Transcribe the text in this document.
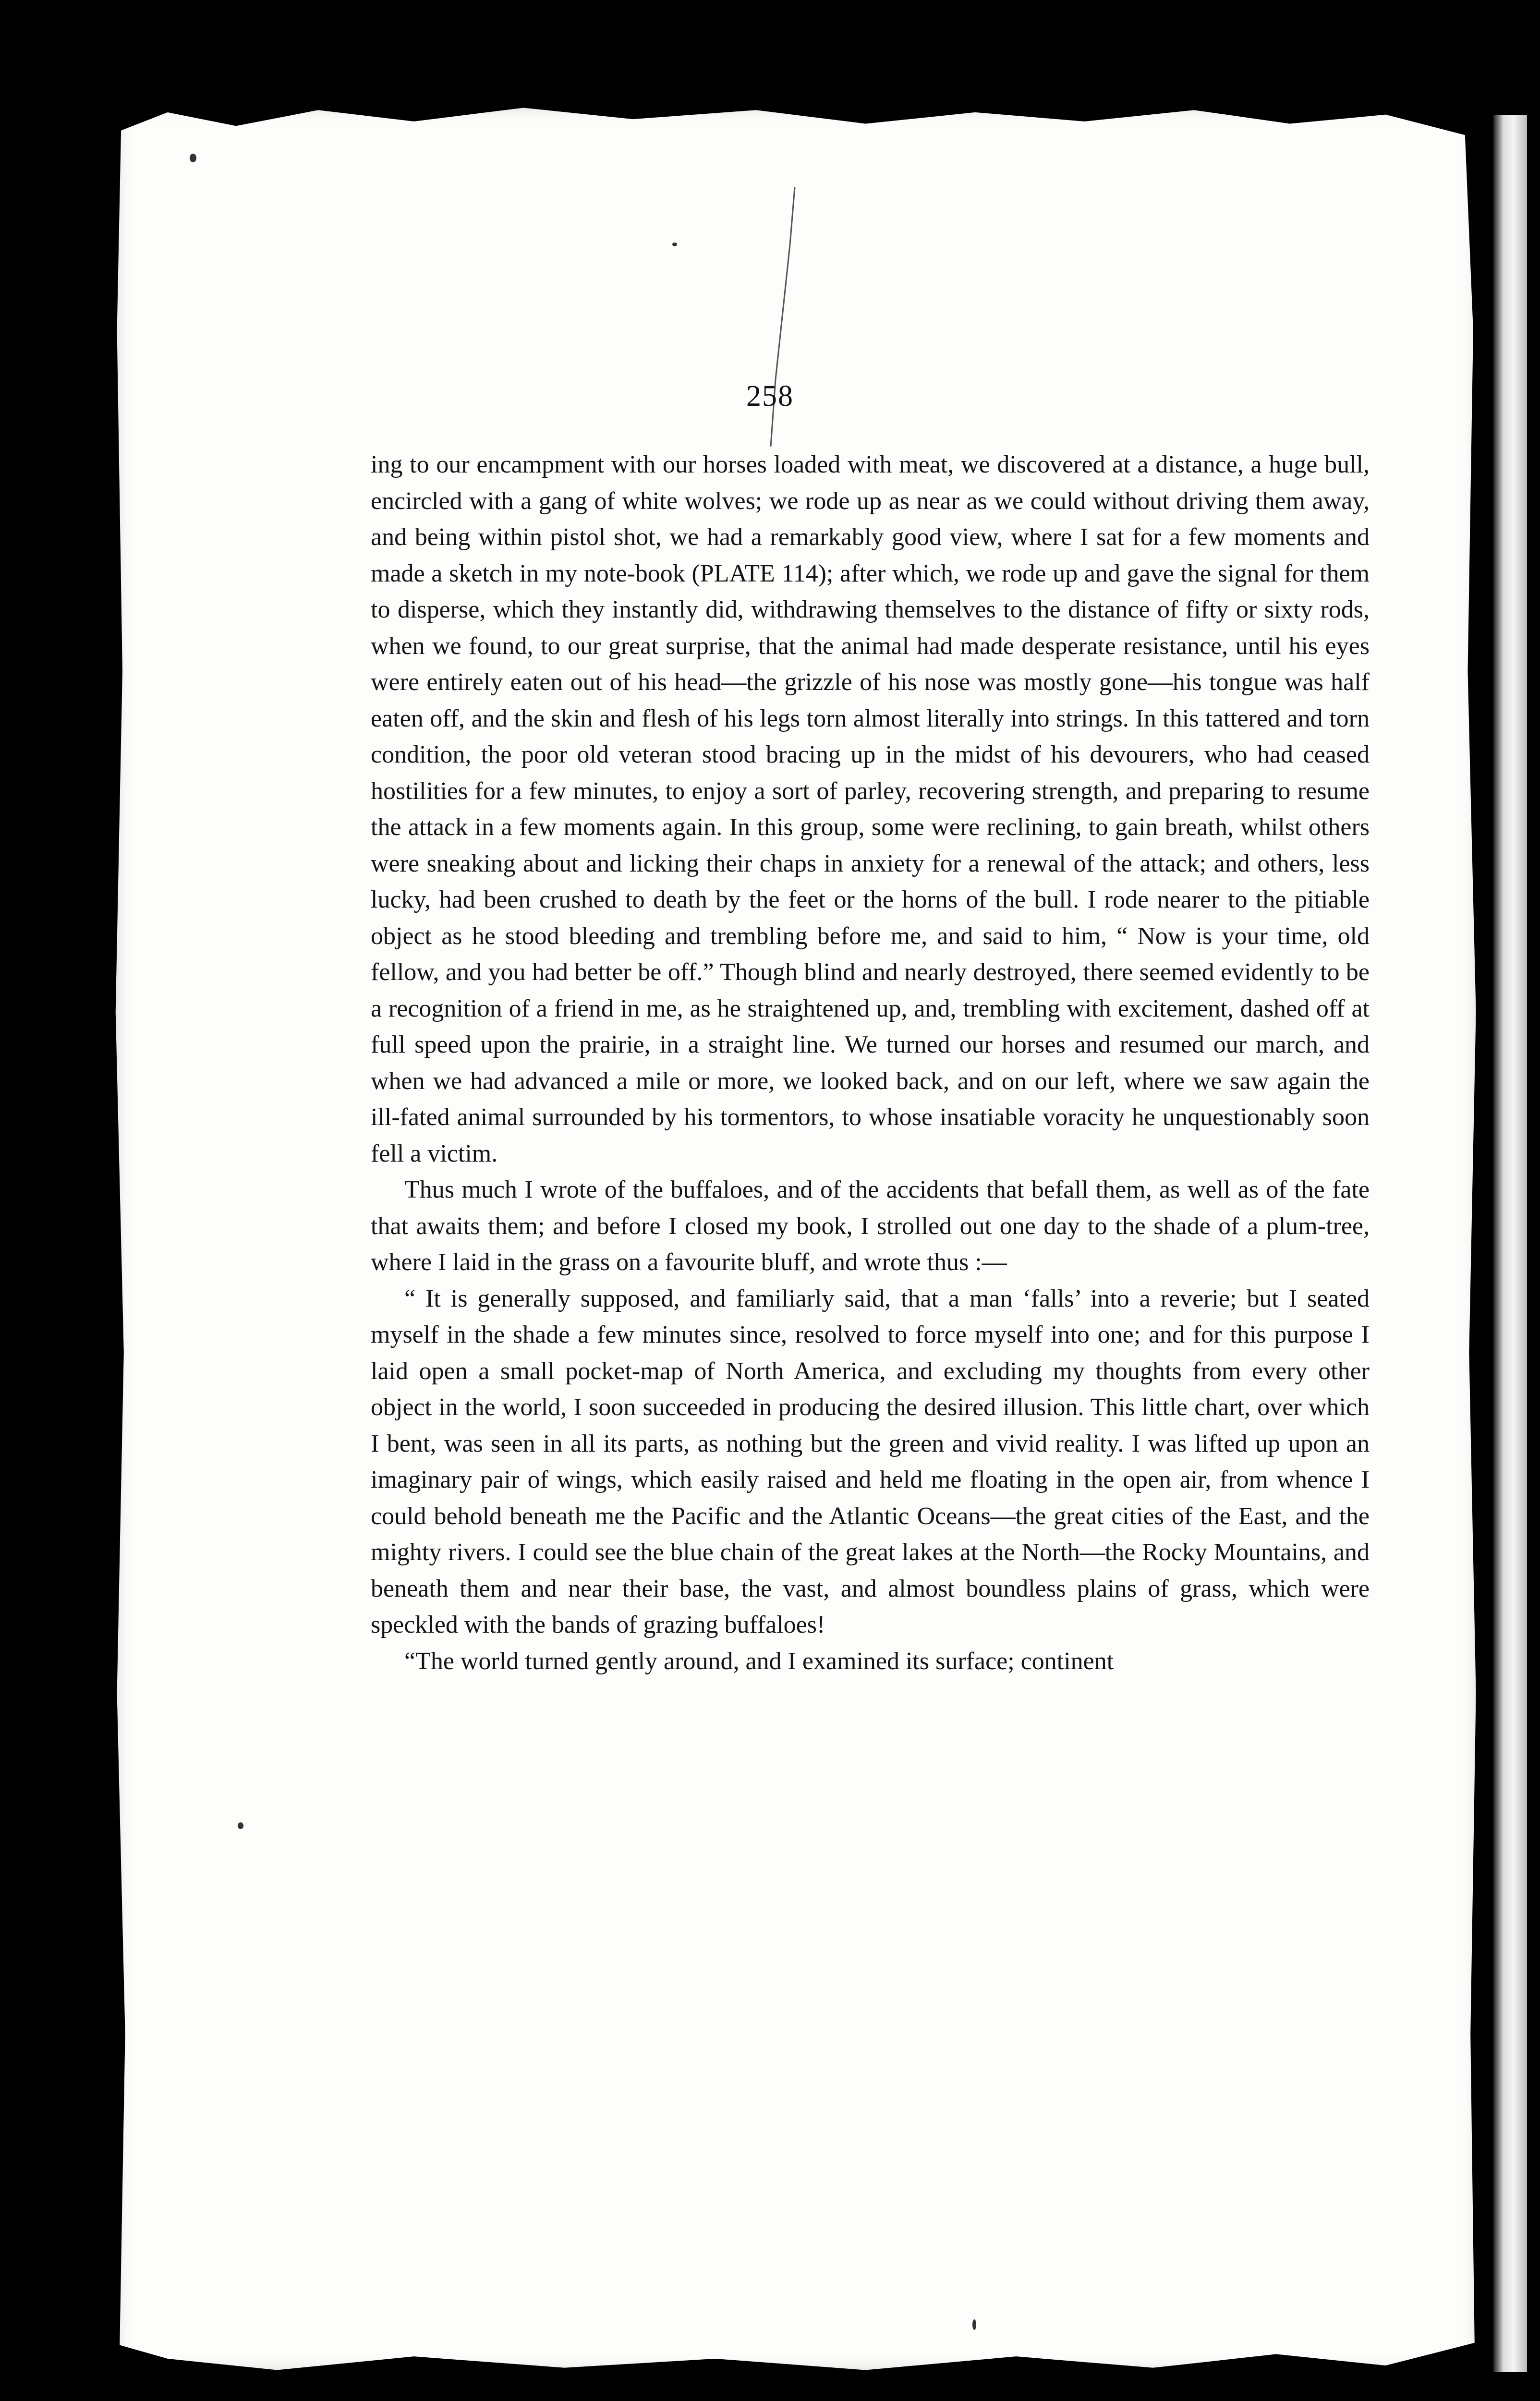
258

ing to our encampment with our horses loaded with meat, we discovered at a distance, a huge bull, encircled with a gang of white wolves; we rode up as near as we could without driving them away, and being within pistol shot, we had a remarkably good view, where I sat for a few moments and made a sketch in my note-book (PLATE 114); after which, we rode up and gave the signal for them to disperse, which they instantly did, withdrawing themselves to the distance of fifty or sixty rods, when we found, to our great surprise, that the animal had made desperate resistance, until his eyes were entirely eaten out of his head—the grizzle of his nose was mostly gone—his tongue was half eaten off, and the skin and flesh of his legs torn almost literally into strings. In this tattered and torn condition, the poor old veteran stood bracing up in the midst of his devourers, who had ceased hostilities for a few minutes, to enjoy a sort of parley, recovering strength, and preparing to resume the attack in a few moments again. In this group, some were reclining, to gain breath, whilst others were sneaking about and licking their chaps in anxiety for a renewal of the attack; and others, less lucky, had been crushed to death by the feet or the horns of the bull. I rode nearer to the pitiable object as he stood bleeding and trembling before me, and said to him, “ Now is your time, old fellow, and you had better be off.” Though blind and nearly destroyed, there seemed evidently to be a recognition of a friend in me, as he straightened up, and, trembling with excitement, dashed off at full speed upon the prairie, in a straight line. We turned our horses and resumed our march, and when we had advanced a mile or more, we looked back, and on our left, where we saw again the ill-fated animal surrounded by his tormentors, to whose insatiable voracity he unquestionably soon fell a victim.

Thus much I wrote of the buffaloes, and of the accidents that befall them, as well as of the fate that awaits them; and before I closed my book, I strolled out one day to the shade of a plum-tree, where I laid in the grass on a favourite bluff, and wrote thus :—

“ It is generally supposed, and familiarly said, that a man ‘falls’ into a reverie; but I seated myself in the shade a few minutes since, resolved to force myself into one; and for this purpose I laid open a small pocket-map of North America, and excluding my thoughts from every other object in the world, I soon succeeded in producing the desired illusion. This little chart, over which I bent, was seen in all its parts, as nothing but the green and vivid reality. I was lifted up upon an imaginary pair of wings, which easily raised and held me floating in the open air, from whence I could behold beneath me the Pacific and the Atlantic Oceans—the great cities of the East, and the mighty rivers. I could see the blue chain of the great lakes at the North—the Rocky Mountains, and beneath them and near their base, the vast, and almost boundless plains of grass, which were speckled with the bands of grazing buffaloes!

“The world turned gently around, and I examined its surface; continent
